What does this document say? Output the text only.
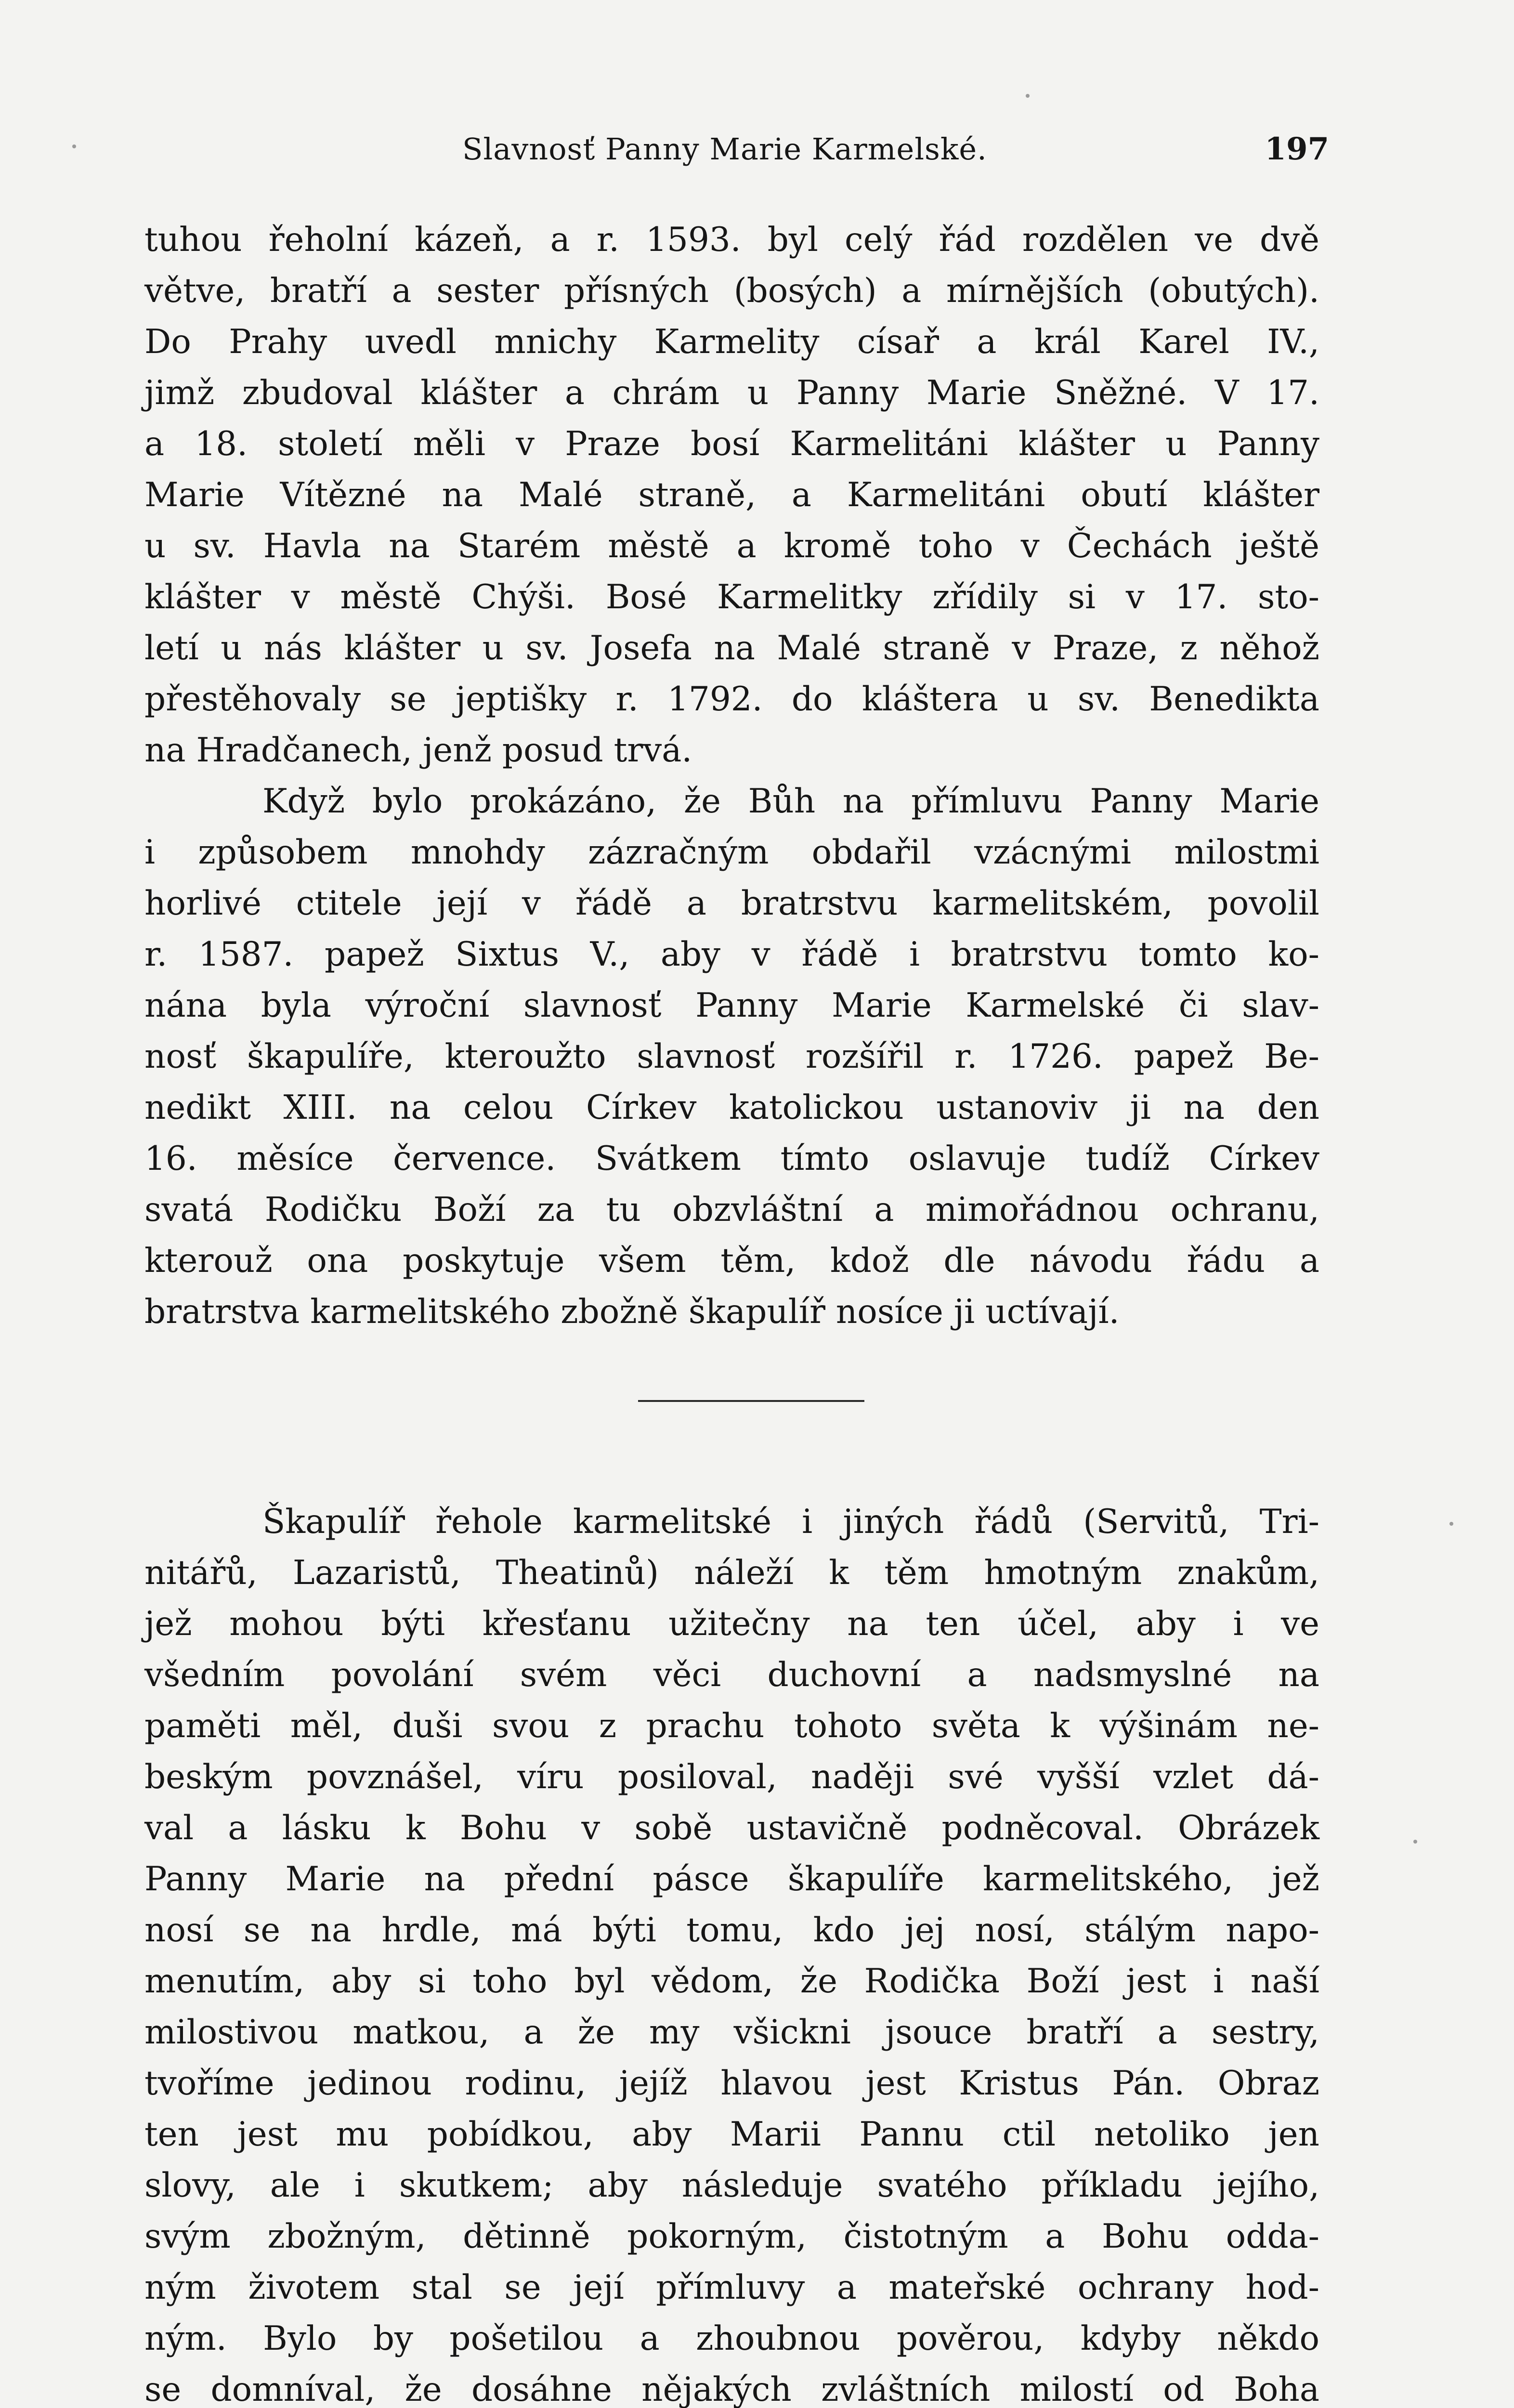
Slavnosť Panny Marie Karmelské.	197
tuhou řeholní kázeň, a r. 1593. byl celý řád rozdělen ve dvě
větve, bratří a sester přísných (bosých) a mírnějších (obutých).
Do Prahy uvedl mnichy Karmelity císař a král Karel IV.,
jimž zbudoval klášter a chrám u Panny Marie Sněžné. V 17.
a 18. století měli v Praze bosí Karmelitáni klášter u Panny
Marie Vítězné na Malé straně, a Karmelitáni obutí klášter
u sv. Havla na Starém městě a kromě toho v Čechách ještě
klášter v městě Chýši. Bosé Karmelitky zřídily si v 17. sto-
letí u nás klášter u sv. Josefa na Malé straně v Praze, z něhož
přestěhovaly se jeptišky r. 1792. do kláštera u sv. Benedikta
na Hradčanech, jenž posud trvá.
Když bylo prokázáno, že Bůh na přímluvu Panny Marie
i způsobem mnohdy zázračným obdařil vzácnými milostmi
horlivé ctitele její v řádě a bratrstvu karmelitském, povolil
r. 1587. papež Sixtus V., aby v řádě i bratrstvu tomto ko-
nána byla výroční slavnosť Panny Marie Karmelské či slav-
nosť škapulíře, kteroužto slavnosť rozšířil r. 1726. papež Be-
nedikt XIII. na celou Církev katolickou ustanoviv ji na den
16. měsíce července. Svátkem tímto oslavuje tudíž Církev
svatá Rodičku Boží za tu obzvláštní a mimořádnou ochranu,
kterouž ona poskytuje všem těm, kdož dle návodu řádu a
bratrstva karmelitského zbožně škapulíř nosíce ji uctívají.
Škapulíř řehole karmelitské i jiných řádů (Servitů, Tri-
nitářů, Lazaristů, Theatinů) náleží k těm hmotným znakům,
jež mohou býti křesťanu užitečny na ten účel, aby i ve
všedním povolání svém věci duchovní a nadsmyslné na
paměti měl, duši svou z prachu tohoto světa k výšinám ne-
beským povznášel, víru posiloval, naději své vyšší vzlet dá-
val a lásku k Bohu v sobě ustavičně podněcoval. Obrázek
Panny Marie na přední pásce škapulíře karmelitského, jež
nosí se na hrdle, má býti tomu, kdo jej nosí, stálým napo-
menutím, aby si toho byl vědom, že Rodička Boží jest i naší
milostivou matkou, a že my všickni jsouce bratří a sestry,
tvoříme jedinou rodinu, jejíž hlavou jest Kristus Pán. Obraz
ten jest mu pobídkou, aby Marii Pannu ctil netoliko jen
slovy, ale i skutkem; aby následuje svatého příkladu jejího,
svým zbožným, dětinně pokorným, čistotným a Bohu odda-
ným životem stal se její přímluvy a mateřské ochrany hod-
ným. Bylo by pošetilou a zhoubnou pověrou, kdyby někdo
se domníval, že dosáhne nějakých zvláštních milostí od Boha
